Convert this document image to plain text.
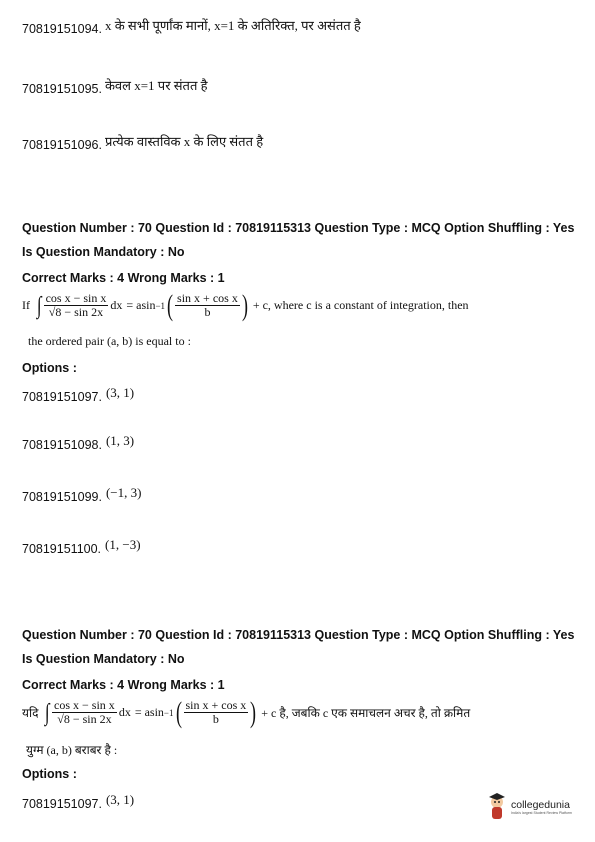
70819151094. x के सभी पूर्णांक मानों, x=1 के अतिरिक्त, पर असंतत है
70819151095. केवल x=1 पर संतत है
70819151096. प्रत्येक वास्तविक x के लिए संतत है
Question Number : 70 Question Id : 70819115313 Question Type : MCQ Option Shuffling : Yes
Is Question Mandatory : No
Correct Marks : 4 Wrong Marks : 1
If ∫ $\frac{\text{cos x − sin x}}{√8 - \sin 2x}$ dx = asin −1 ( $\frac{\text{sin x + cos x}}{b}$ ) + c, where c is a constant of integration, then
the ordered pair (a, b) is equal to :
Options :
70819151097. (3, 1)
70819151098. (1, 3)
70819151099. (−1, 3)
70819151100. (1, −3)
Question Number : 70 Question Id : 70819115313 Question Type : MCQ Option Shuffling : Yes
Is Question Mandatory : No
Correct Marks : 4 Wrong Marks : 1
यदि ∫ $\frac{\text{cos x − sin x}}{√8 - \sin 2x}$ dx = asin −1 ( $\frac{\text{sin x + cos x}}{b}$ ) + c है, जबकि c एक समाचलन अचर है, तो क्रमित
युग्म (a, b) बराबर है :
Options :
70819151097. (3, 1)	collegedunia
India's largest Student Review Platform
